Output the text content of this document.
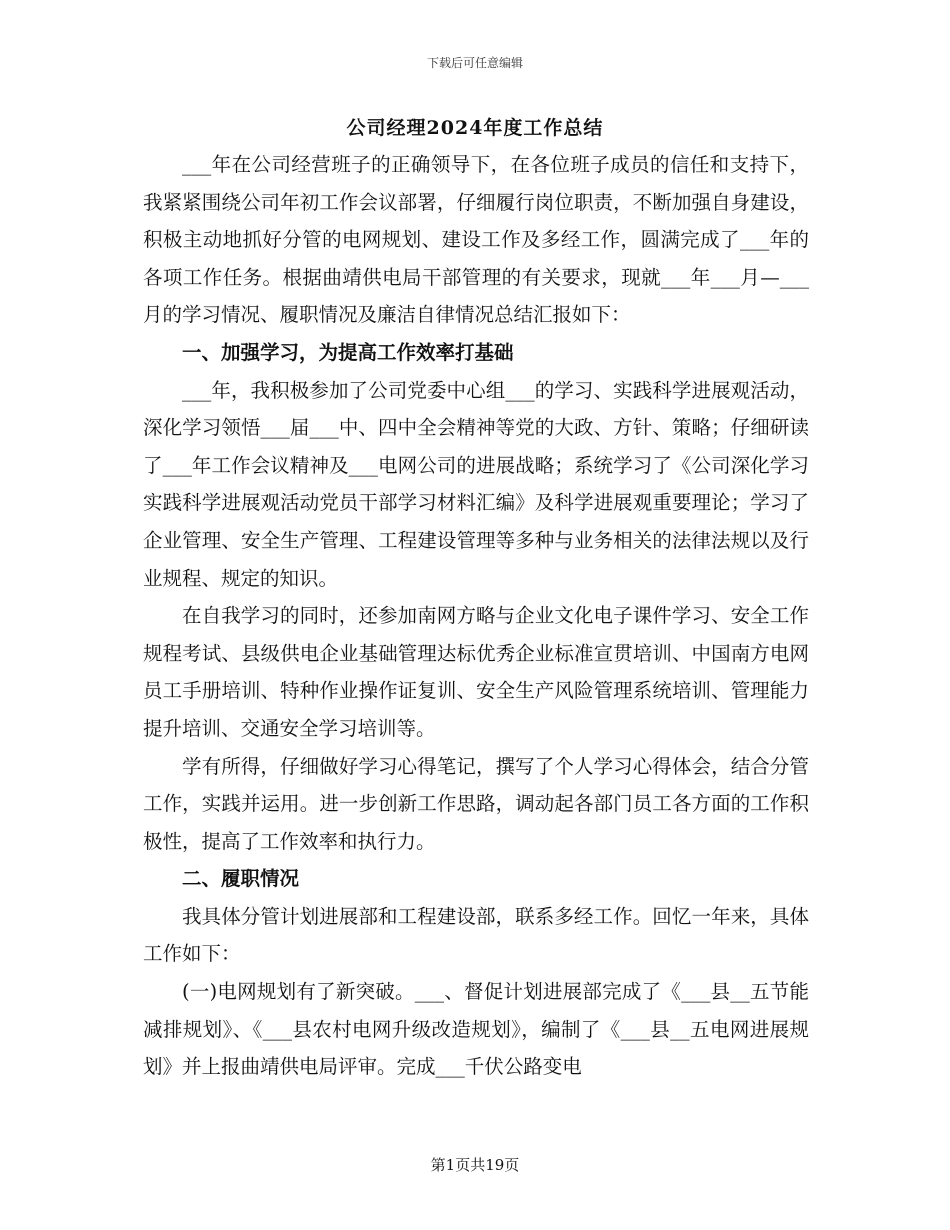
下载后可任意编辑
公司经理2024年度工作总结

___年在公司经营班子的正确领导下，在各位班子成员的信任和支持下，我紧紧围绕公司年初工作会议部署，仔细履行岗位职责，不断加强自身建设，积极主动地抓好分管的电网规划、建设工作及多经工作，圆满完成了___年的各项工作任务。根据曲靖供电局干部管理的有关要求，现就___年___月—___月的学习情况、履职情况及廉洁自律情况总结汇报如下：

一、加强学习，为提高工作效率打基础

___年，我积极参加了公司党委中心组___的学习、实践科学进展观活动，深化学习领悟___届___中、四中全会精神等党的大政、方针、策略；仔细研读了___年工作会议精神及___电网公司的进展战略；系统学习了《公司深化学习实践科学进展观活动党员干部学习材料汇编》及科学进展观重要理论；学习了企业管理、安全生产管理、工程建设管理等多种与业务相关的法律法规以及行业规程、规定的知识。

在自我学习的同时，还参加南网方略与企业文化电子课件学习、安全工作规程考试、县级供电企业基础管理达标优秀企业标准宣贯培训、中国南方电网员工手册培训、特种作业操作证复训、安全生产风险管理系统培训、管理能力提升培训、交通安全学习培训等。

学有所得，仔细做好学习心得笔记，撰写了个人学习心得体会，结合分管工作，实践并运用。进一步创新工作思路，调动起各部门员工各方面的工作积极性，提高了工作效率和执行力。

二、履职情况

我具体分管计划进展部和工程建设部，联系多经工作。回忆一年来，具体工作如下：

(一)电网规划有了新突破。___、督促计划进展部完成了《___县__五节能减排规划》、《___县农村电网升级改造规划》，编制了《___县__五电网进展规划》并上报曲靖供电局评审。完成___千伏公路变电

第1页共19页
